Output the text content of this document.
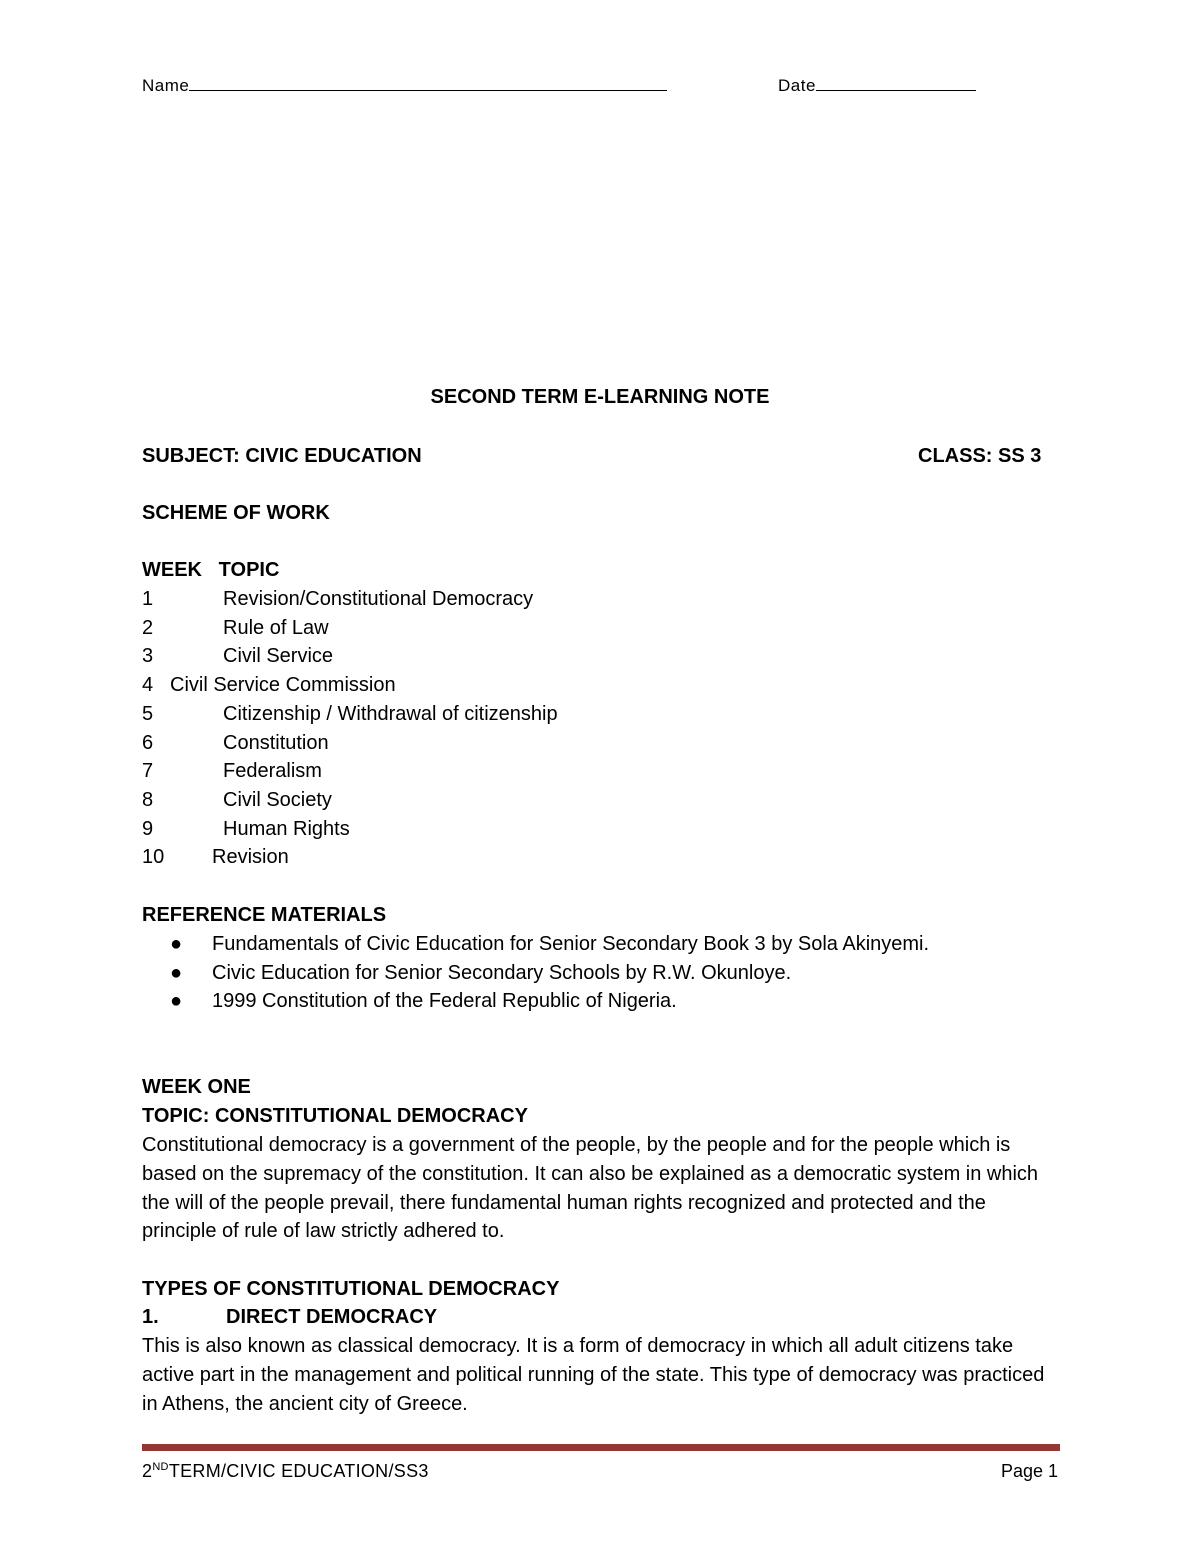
Name	Date
SECOND TERM E-LEARNING NOTE
SUBJECT: CIVIC EDUCATION	CLASS: SS 3
SCHEME OF WORK
WEEK   TOPIC
1	Revision/Constitutional Democracy
2	Rule of Law
3	Civil Service
4 Civil Service Commission
5	Citizenship / Withdrawal of citizenship
6	Constitution
7	Federalism
8	Civil Society
9	Human Rights
10 Revision
REFERENCE MATERIALS
● Fundamentals of Civic Education for Senior Secondary Book 3 by Sola Akinyemi.
● Civic Education for Senior Secondary Schools by R.W. Okunloye.
● 1999 Constitution of the Federal Republic of Nigeria.
WEEK ONE
TOPIC: CONSTITUTIONAL DEMOCRACY
Constitutional democracy is a government of the people, by the people and for the people which is based on the supremacy of the constitution. It can also be explained as a democratic system in which the will of the people prevail, there fundamental human rights recognized and protected and the principle of rule of law strictly adhered to.
TYPES OF CONSTITUTIONAL DEMOCRACY
1.	DIRECT DEMOCRACY
This is also known as classical democracy. It is a form of democracy in which all adult citizens take active part in the management and political running of the state. This type of democracy was practiced in Athens, the ancient city of Greece.
2NDTERM/CIVIC EDUCATION/SS3	Page 1
